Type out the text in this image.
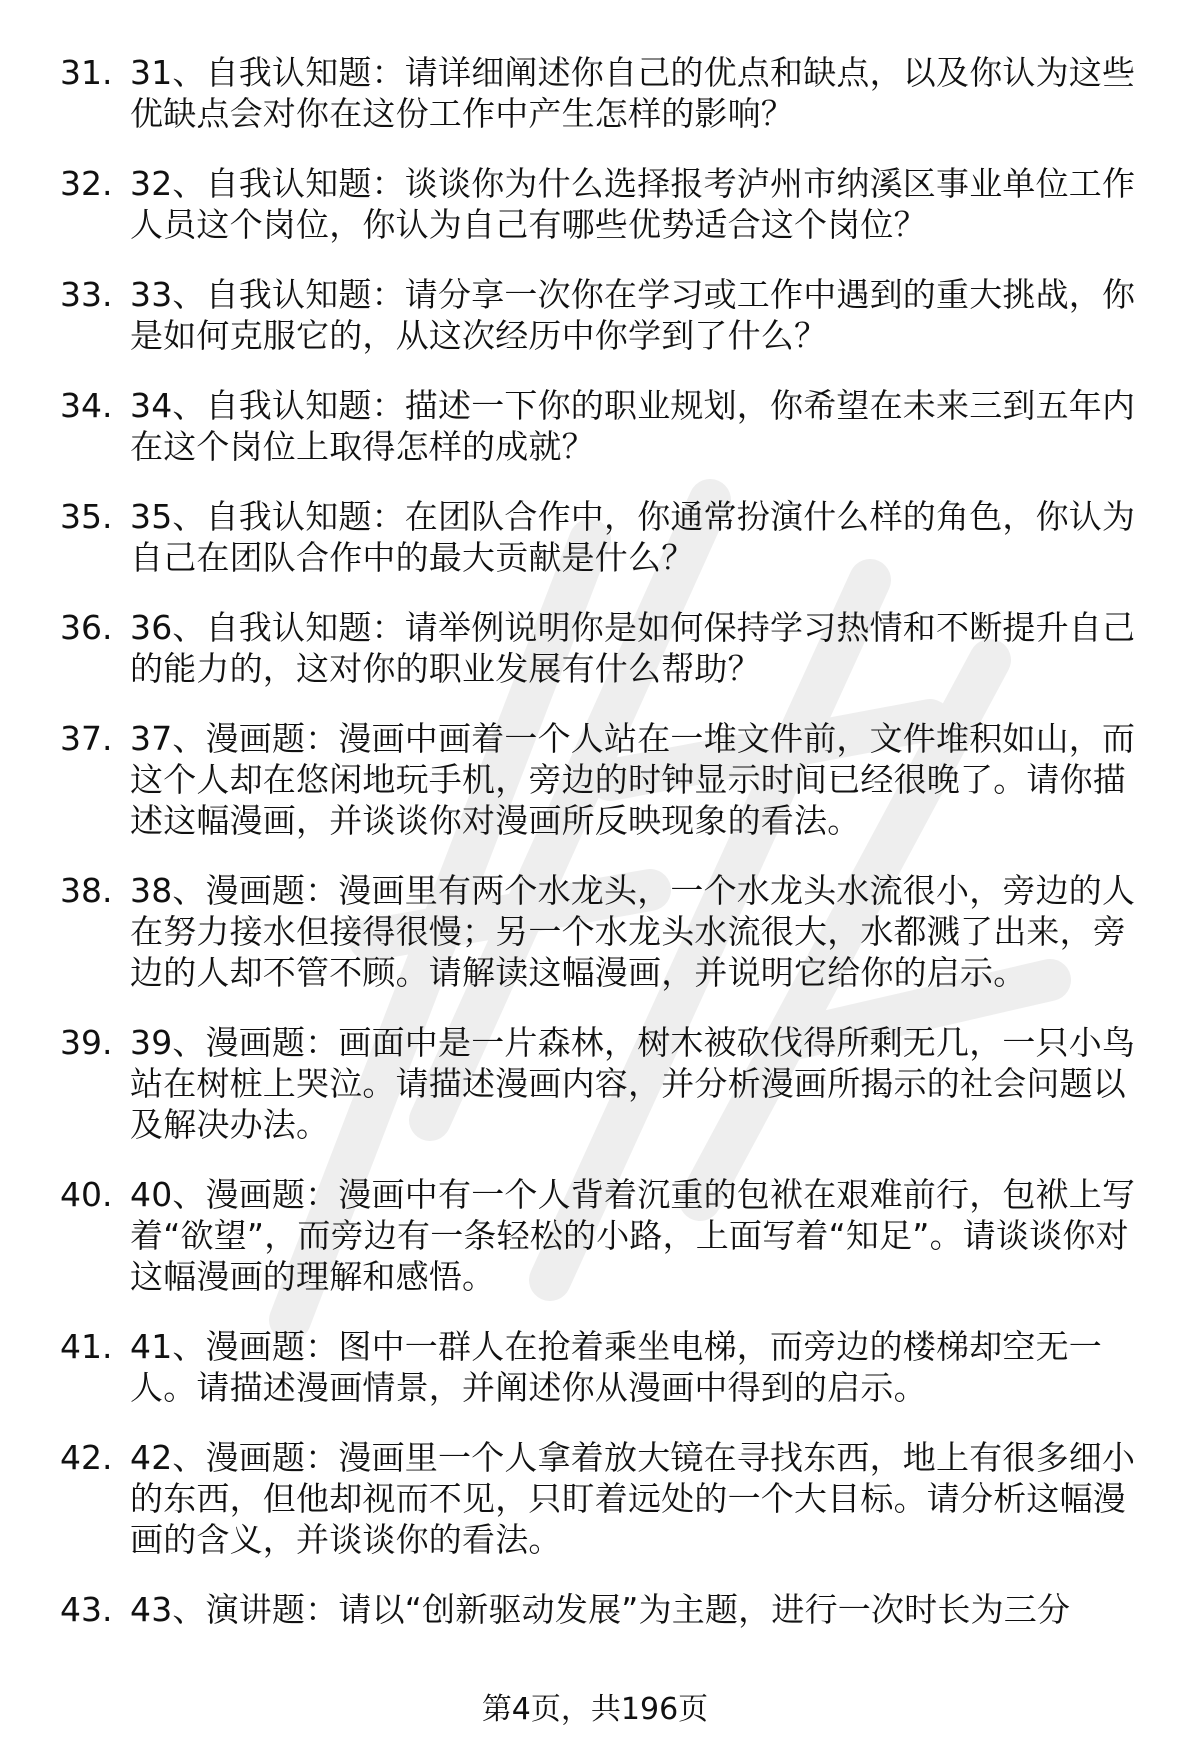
31. 31、自我认知题：请详细阐述你自己的优点和缺点，以及你认为这些优缺点会对你在这份工作中产生怎样的影响？
32. 32、自我认知题：谈谈你为什么选择报考泸州市纳溪区事业单位工作人员这个岗位，你认为自己有哪些优势适合这个岗位？
33. 33、自我认知题：请分享一次你在学习或工作中遇到的重大挑战，你是如何克服它的，从这次经历中你学到了什么？
34. 34、自我认知题：描述一下你的职业规划，你希望在未来三到五年内在这个岗位上取得怎样的成就？
35. 35、自我认知题：在团队合作中，你通常扮演什么样的角色，你认为自己在团队合作中的最大贡献是什么？
36. 36、自我认知题：请举例说明你是如何保持学习热情和不断提升自己的能力的，这对你的职业发展有什么帮助？
37. 37、漫画题：漫画中画着一个人站在一堆文件前，文件堆积如山，而这个人却在悠闲地玩手机，旁边的时钟显示时间已经很晚了。请你描述这幅漫画，并谈谈你对漫画所反映现象的看法。
38. 38、漫画题：漫画里有两个水龙头，一个水龙头水流很小，旁边的人在努力接水但接得很慢；另一个水龙头水流很大，水都溅了出来，旁边的人却不管不顾。请解读这幅漫画，并说明它给你的启示。
39. 39、漫画题：画面中是一片森林，树木被砍伐得所剩无几，一只小鸟站在树桩上哭泣。请描述漫画内容，并分析漫画所揭示的社会问题以及解决办法。
40. 40、漫画题：漫画中有一个人背着沉重的包袱在艰难前行，包袱上写着“欲望”，而旁边有一条轻松的小路，上面写着“知足”。请谈谈你对这幅漫画的理解和感悟。
41. 41、漫画题：图中一群人在抢着乘坐电梯，而旁边的楼梯却空无一人。请描述漫画情景，并阐述你从漫画中得到的启示。
42. 42、漫画题：漫画里一个人拿着放大镜在寻找东西，地上有很多细小的东西，但他却视而不见，只盯着远处的一个大目标。请分析这幅漫画的含义，并谈谈你的看法。
43. 43、演讲题：请以“创新驱动发展”为主题，进行一次时长为三分
第4页，共196页
